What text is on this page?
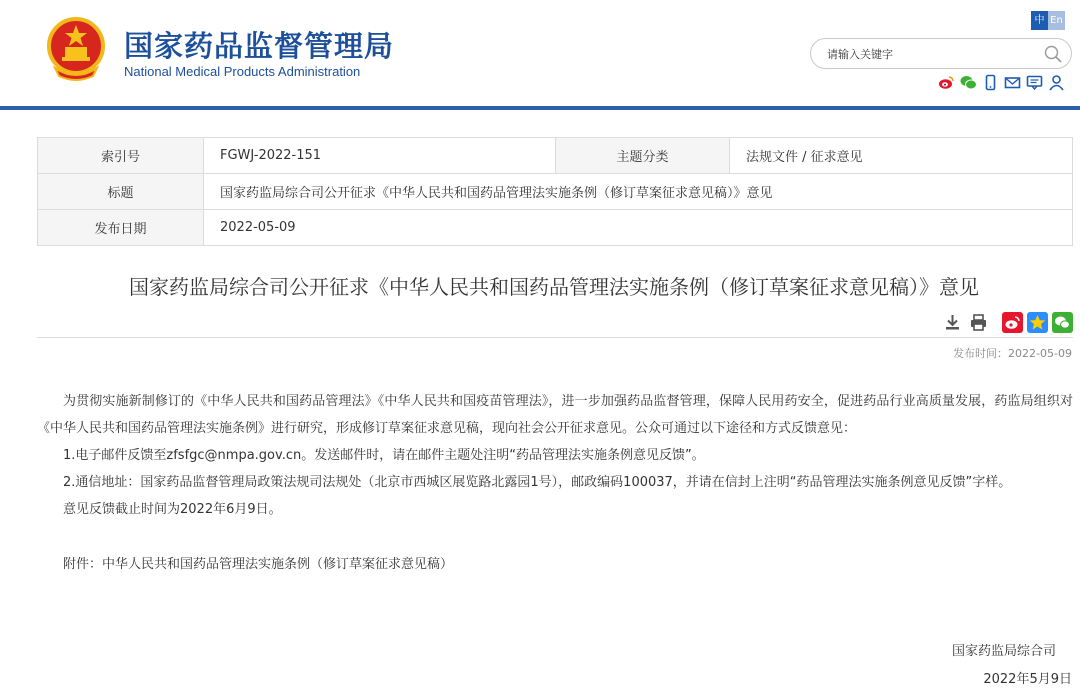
国家药品监督管理局
National Medical Products Administration
中 En
请输入关键字
索引号	FGWJ-2022-151	主题分类	法规文件 / 征求意见
标题	国家药监局综合司公开征求《中华人民共和国药品管理法实施条例（修订草案征求意见稿）》意见		
发布日期	2022-05-09		
国家药监局综合司公开征求《中华人民共和国药品管理法实施条例（修订草案征求意见稿）》意见
发布时间：2022-05-09

为贯彻实施新制修订的《中华人民共和国药品管理法》《中华人民共和国疫苗管理法》，进一步加强药品监督管理，保障人民用药安全，促进药品行业高质量发展，药监局组织对《中华人民共和国药品管理法实施条例》进行研究，形成修订草案征求意见稿，现向社会公开征求意见。公众可通过以下途径和方式反馈意见：

1.电子邮件反馈至zfsfgc@nmpa.gov.cn。发送邮件时，请在邮件主题处注明“药品管理法实施条例意见反馈”。

2.通信地址：国家药品监督管理局政策法规司法规处（北京市西城区展览路北露园1号），邮政编码100037，并请在信封上注明“药品管理法实施条例意见反馈”字样。

意见反馈截止时间为2022年6月9日。

附件：中华人民共和国药品管理法实施条例（修订草案征求意见稿）

国家药监局综合司
2022年5月9日
